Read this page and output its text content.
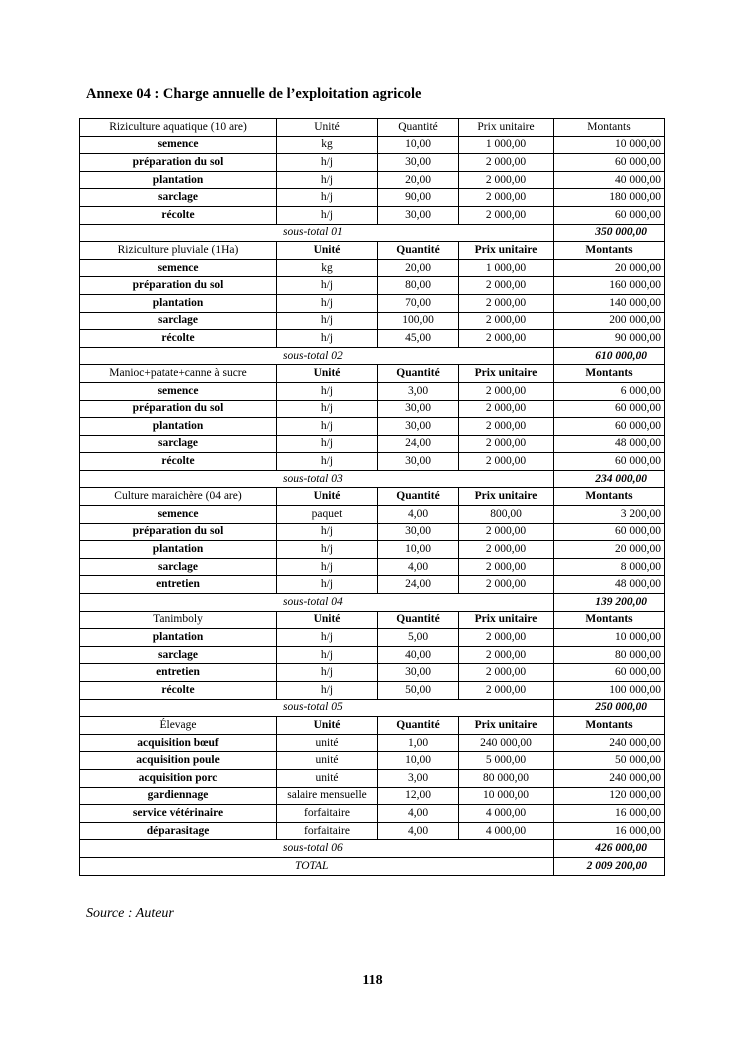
Annexe 04 : Charge annuelle de l’exploitation agricole
Riziculture aquatique (10 are)	Unité	Quantité	Prix unitaire	Montants
semence	kg	10,00	1 000,00	10 000,00
préparation du sol	h/j	30,00	2 000,00	60 000,00
plantation	h/j	20,00	2 000,00	40 000,00
sarclage	h/j	90,00	2 000,00	180 000,00
récolte	h/j	30,00	2 000,00	60 000,00
sous-total 01				350 000,00
Riziculture pluviale (1Ha)	Unité	Quantité	Prix unitaire	Montants
semence	kg	20,00	1 000,00	20 000,00
préparation du sol	h/j	80,00	2 000,00	160 000,00
plantation	h/j	70,00	2 000,00	140 000,00
sarclage	h/j	100,00	2 000,00	200 000,00
récolte	h/j	45,00	2 000,00	90 000,00
sous-total 02				610 000,00
Manioc+patate+canne à sucre	Unité	Quantité	Prix unitaire	Montants
semence	h/j	3,00	2 000,00	6 000,00
préparation du sol	h/j	30,00	2 000,00	60 000,00
plantation	h/j	30,00	2 000,00	60 000,00
sarclage	h/j	24,00	2 000,00	48 000,00
récolte	h/j	30,00	2 000,00	60 000,00
sous-total 03				234 000,00
Culture maraichère (04 are)	Unité	Quantité	Prix unitaire	Montants
semence	paquet	4,00	800,00	3 200,00
préparation du sol	h/j	30,00	2 000,00	60 000,00
plantation	h/j	10,00	2 000,00	20 000,00
sarclage	h/j	4,00	2 000,00	8 000,00
entretien	h/j	24,00	2 000,00	48 000,00
sous-total 04				139 200,00
Tanimboly	Unité	Quantité	Prix unitaire	Montants
plantation	h/j	5,00	2 000,00	10 000,00
sarclage	h/j	40,00	2 000,00	80 000,00
entretien	h/j	30,00	2 000,00	60 000,00
récolte	h/j	50,00	2 000,00	100 000,00
sous-total 05				250 000,00
Élevage	Unité	Quantité	Prix unitaire	Montants
acquisition bœuf	unité	1,00	240 000,00	240 000,00
acquisition poule	unité	10,00	5 000,00	50 000,00
acquisition porc	unité	3,00	80 000,00	240 000,00
gardiennage	salaire mensuelle	12,00	10 000,00	120 000,00
service vétérinaire	forfaitaire	4,00	4 000,00	16 000,00
déparasitage	forfaitaire	4,00	4 000,00	16 000,00
sous-total 06				426 000,00
TOTAL				2 009 200,00
Source : Auteur
118
